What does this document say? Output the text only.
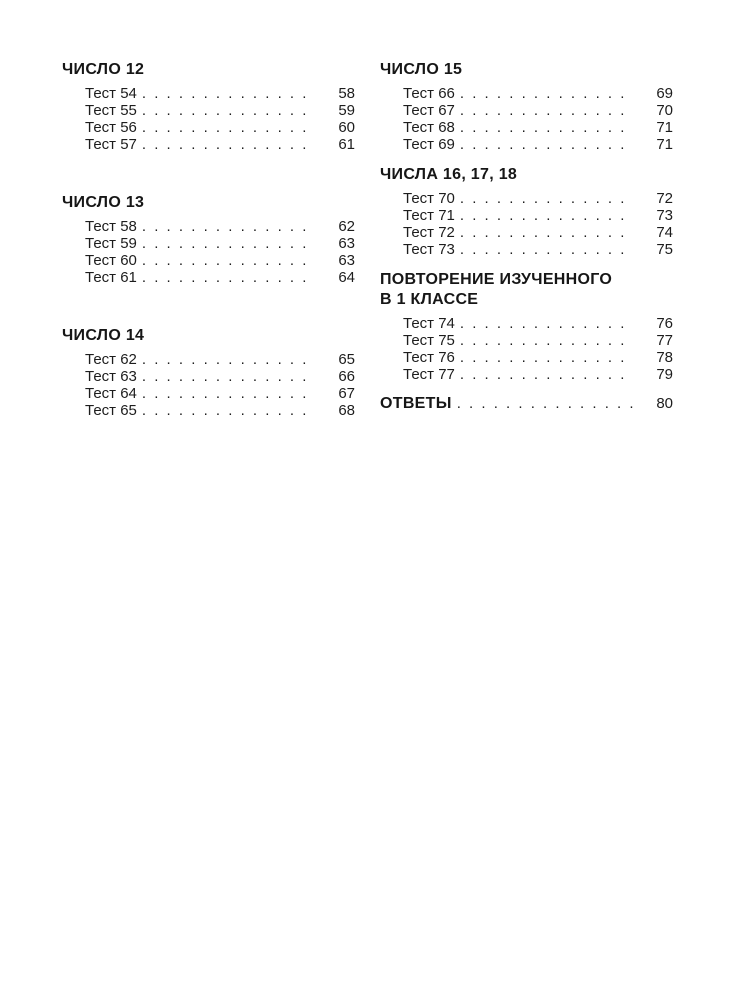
ЧИСЛО 12
Тест 54 . . .	58
Тест 55 . . .	59
Тест 56 . . .	60
Тест 57 . . .	61
ЧИСЛО 13
Тест 58 . . .	62
Тест 59 . . .	63
Тест 60 . . .	63
Тест 61 . . .	64
ЧИСЛО 14
Тест 62 . . .	65
Тест 63 . . .	66
Тест 64 . . .	67
Тест 65 . . .	68
ЧИСЛО 15
Тест 66 . . .	69
Тест 67 . . .	70
Тест 68 . . .	71
Тест 69 . . .	71
ЧИСЛА 16, 17, 18
Тест 70 . . .	72
Тест 71 . . .	73
Тест 72 . . .	74
Тест 73 . . .	75
ПОВТОРЕНИЕ ИЗУЧЕННОГО
В 1 КЛАССЕ
Тест 74 . . .	76
Тест 75 . . .	77
Тест 76 . . .	78
Тест 77 . . .	79
ОТВЕТЫ . . .	80
